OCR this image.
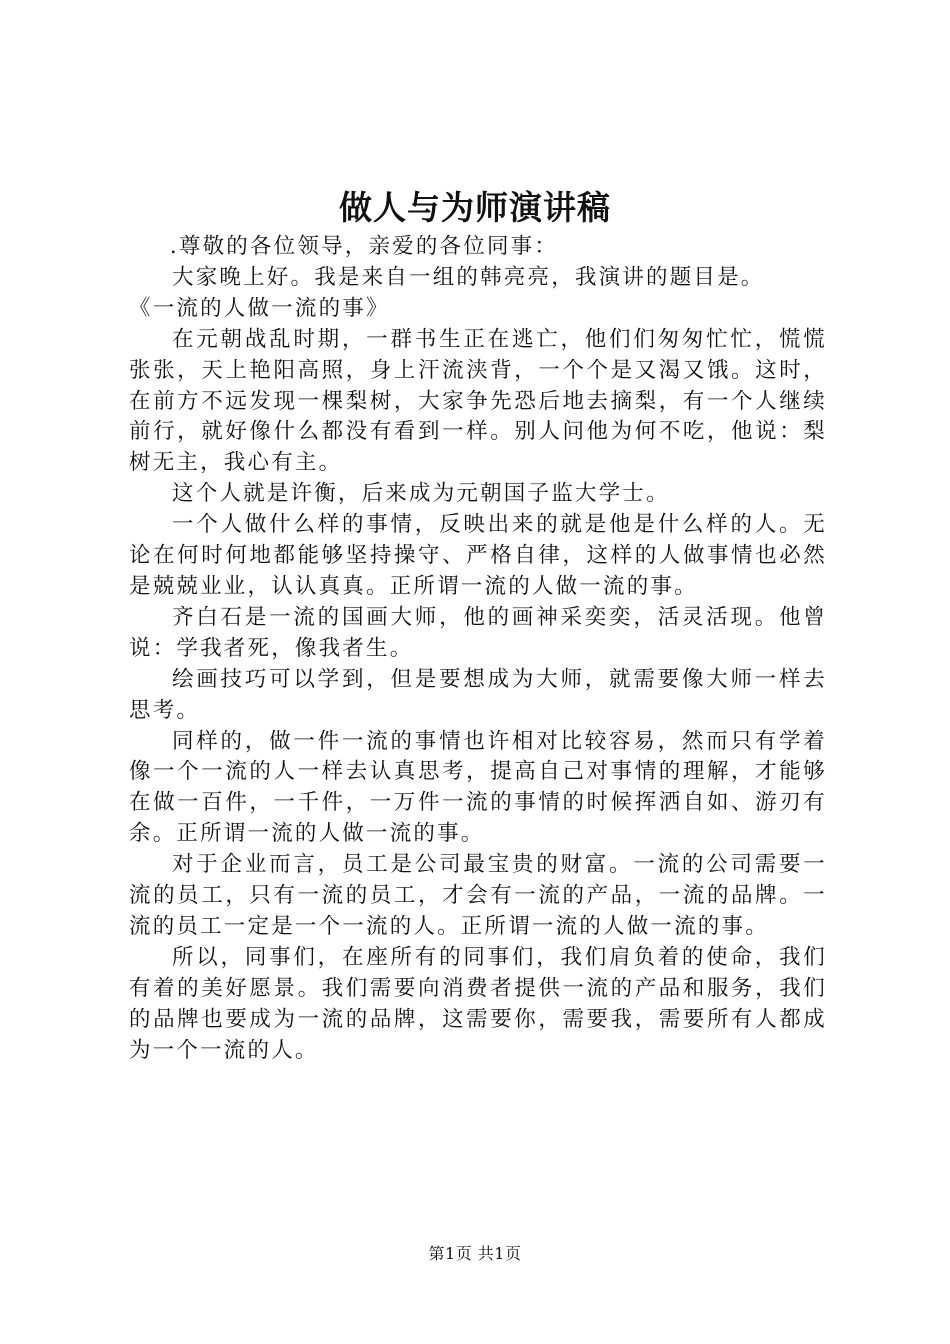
做人与为师演讲稿

.尊敬的各位领导，亲爱的各位同事：

大家晚上好。我是来自一组的韩亮亮，我演讲的题目是。

《一流的人做一流的事》

在元朝战乱时期，一群书生正在逃亡，他们们匆匆忙忙，慌慌张张，天上艳阳高照，身上汗流浃背，一个个是又渴又饿。这时，在前方不远发现一棵梨树，大家争先恐后地去摘梨，有一个人继续前行，就好像什么都没有看到一样。别人问他为何不吃，他说：梨树无主，我心有主。

这个人就是许衡，后来成为元朝国子监大学士。

一个人做什么样的事情，反映出来的就是他是什么样的人。无论在何时何地都能够坚持操守、严格自律，这样的人做事情也必然是兢兢业业，认认真真。正所谓一流的人做一流的事。

齐白石是一流的国画大师，他的画神采奕奕，活灵活现。他曾说：学我者死，像我者生。

绘画技巧可以学到，但是要想成为大师，就需要像大师一样去思考。

同样的，做一件一流的事情也许相对比较容易，然而只有学着像一个一流的人一样去认真思考，提高自己对事情的理解，才能够在做一百件，一千件，一万件一流的事情的时候挥洒自如、游刃有余。正所谓一流的人做一流的事。

对于企业而言，员工是公司最宝贵的财富。一流的公司需要一流的员工，只有一流的员工，才会有一流的产品，一流的品牌。一流的员工一定是一个一流的人。正所谓一流的人做一流的事。

所以，同事们，在座所有的同事们，我们肩负着的使命，我们有着的美好愿景。我们需要向消费者提供一流的产品和服务，我们的品牌也要成为一流的品牌，这需要你，需要我，需要所有人都成为一个一流的人。

第1页 共1页
